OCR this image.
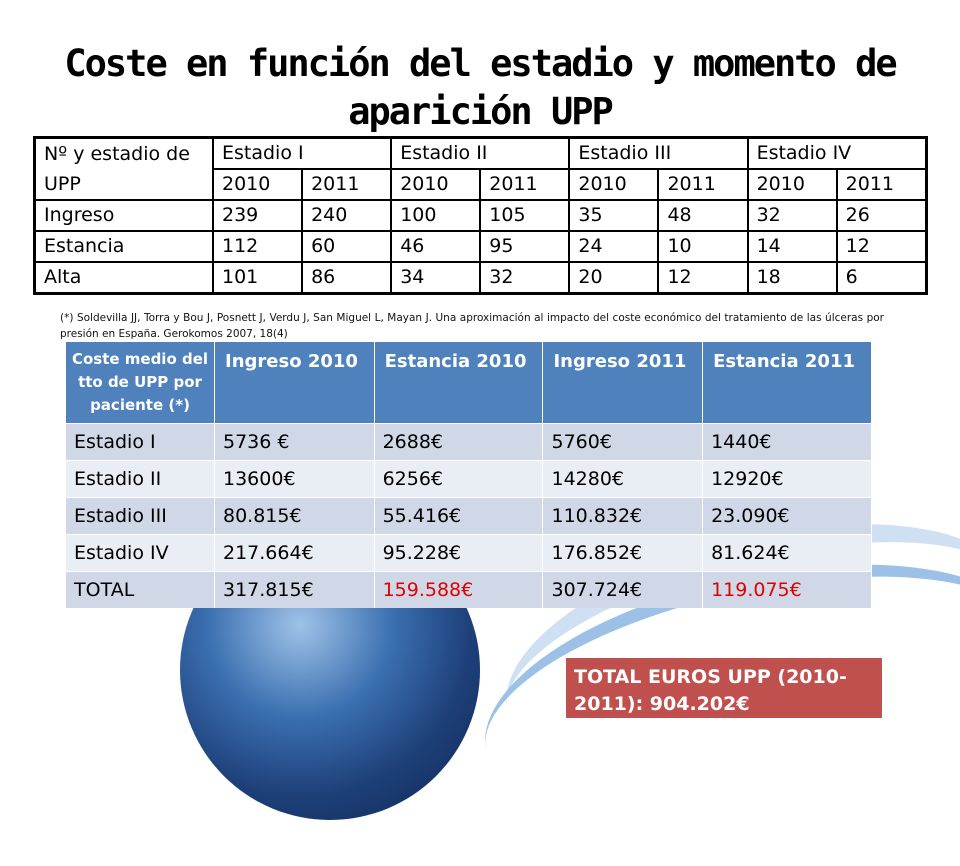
Coste en función del estadio y momento de aparición UPP
Nº y estadio de UPP	Estadio I		Estadio II		Estadio III		Estadio IV	
	2010	2011	2010	2011	2010	2011	2010	2011
Ingreso	239	240	100	105	35	48	32	26
Estancia	112	60	46	95	24	10	14	12
Alta	101	86	34	32	20	12	18	6
(*) Soldevilla JJ, Torra y Bou J, Posnett J, Verdu J, San Miguel L, Mayan J. Una aproximación al impacto del coste económico del tratamiento de las úlceras por presión en España. Gerokomos 2007, 18(4)
Coste medio del tto de UPP por paciente (*)	Ingreso 2010	Estancia 2010	Ingreso 2011	Estancia 2011
Estadio I	5736 €	2688€	5760€	1440€
Estadio II	13600€	6256€	14280€	12920€
Estadio III	80.815€	55.416€	110.832€	23.090€
Estadio IV	217.664€	95.228€	176.852€	81.624€
TOTAL	317.815€	159.588€	307.724€	119.075€
TOTAL EUROS UPP (2010-2011): 904.202€
